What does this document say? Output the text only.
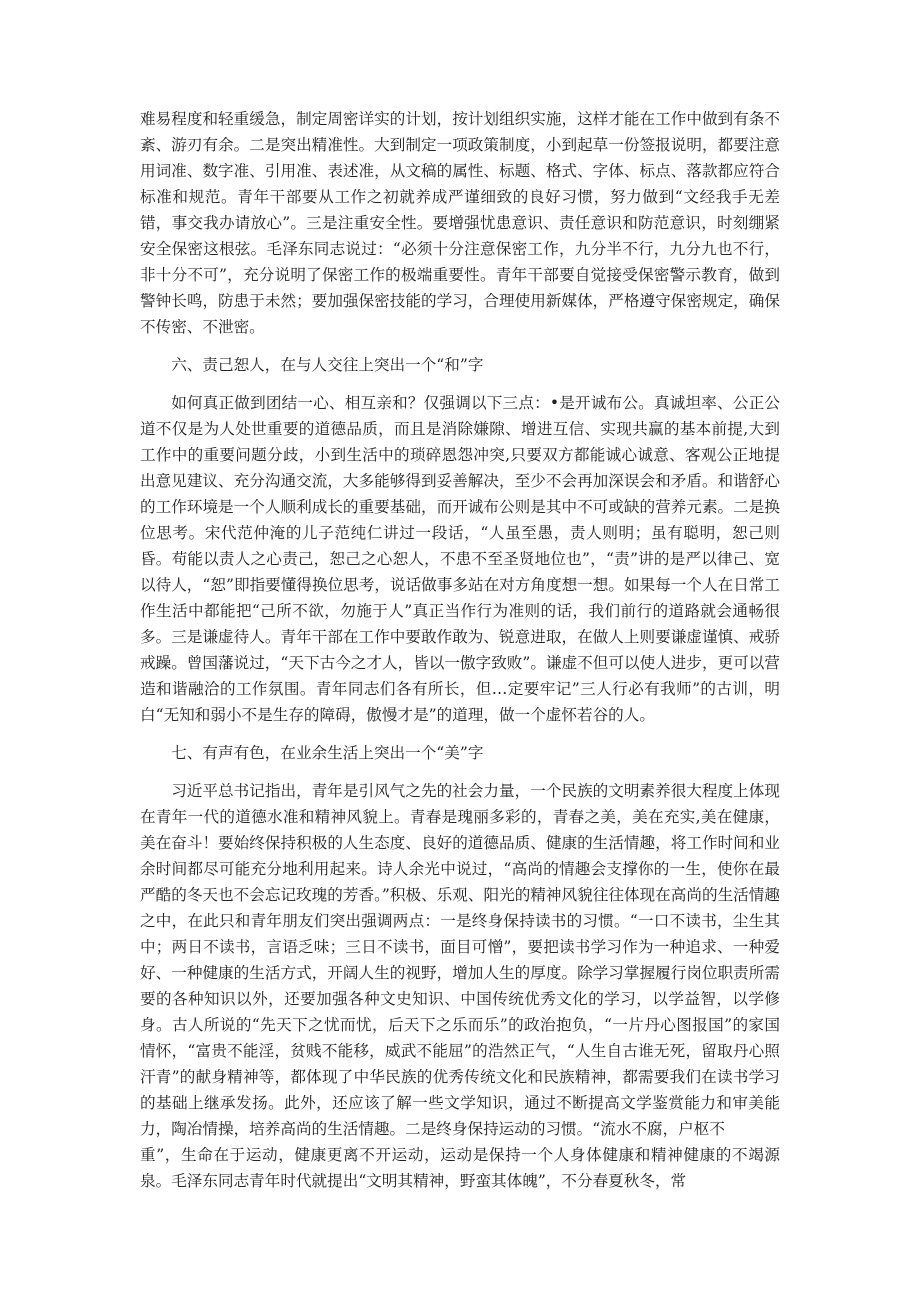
难易程度和轻重缓急，制定周密详实的计划，按计划组织实施，这样才能在工作中做到有条不紊、游刃有余。二是突出精准性。大到制定一项政策制度，小到起草一份签报说明，都要注意用词准、数字准、引用准、表述准，从文稿的属性、标题、格式、字体、标点、落款都应符合标准和规范。青年干部要从工作之初就养成严谨细致的良好习惯，努力做到“文经我手无差错，事交我办请放心”。三是注重安全性。要增强忧患意识、责任意识和防范意识，时刻绷紧安全保密这根弦。毛泽东同志说过：“必须十分注意保密工作，九分半不行，九分九也不行，非十分不可”，充分说明了保密工作的极端重要性。青年干部要自觉接受保密警示教育，做到警钟长鸣，防患于未然；要加强保密技能的学习，合理使用新媒体，严格遵守保密规定，确保不传密、不泄密。

六、责己恕人，在与人交往上突出一个“和”字

如何真正做到团结一心、相互亲和？仅强调以下三点：•是开诚布公。真诚坦率、公正公道不仅是为人处世重要的道德品质，而且是消除嫌隙、增进互信、实现共赢的基本前提,大到工作中的重要问题分歧，小到生活中的琐碎恩怨冲突,只要双方都能诚心诚意、客观公正地提出意见建议、充分沟通交流，大多能够得到妥善解决，至少不会再加深误会和矛盾。和谐舒心的工作环境是一个人顺利成长的重要基础，而开诚布公则是其中不可或缺的营养元素。二是换位思考。宋代范仲淹的儿子范纯仁讲过一段话，“人虽至愚，责人则明；虽有聪明，恕己则昏。苟能以责人之心责己，恕己之心恕人，不患不至圣贤地位也”，“责”讲的是严以律己、宽以待人，“恕”即指要懂得换位思考，说话做事多站在对方角度想一想。如果每一个人在日常工作生活中都能把“己所不欲，勿施于人”真正当作行为准则的话，我们前行的道路就会通畅很多。三是谦虚待人。青年干部在工作中要敢作敢为、锐意进取，在做人上则要谦虚谨慎、戒骄戒躁。曾国藩说过，“天下古今之才人，皆以一傲字致败”。谦虚不但可以使人进步，更可以营造和谐融洽的工作氛围。青年同志们各有所长，但…定要牢记”三人行必有我师”的古训，明白“无知和弱小不是生存的障碍，傲慢才是”的道理，做一个虚怀若谷的人。

七、有声有色，在业余生活上突出一个“美”字

习近平总书记指出，青年是引风气之先的社会力量，一个民族的文明素养很大程度上体现在青年一代的道德水准和精神风貌上。青春是瑰丽多彩的，青春之美，美在充实,美在健康，美在奋斗！要始终保持积极的人生态度、良好的道德品质、健康的生活情趣，将工作时间和业余时间都尽可能充分地利用起来。诗人余光中说过，“高尚的情趣会支撑你的一生，使你在最严酷的冬天也不会忘记玫瑰的芳香。”积极、乐观、阳光的精神风貌往往体现在高尚的生活情趣之中，在此只和青年朋友们突出强调两点：一是终身保持读书的习惯。“一口不读书，尘生其中；两日不读书，言语乏味；三日不读书，面目可憎”，要把读书学习作为一种追求、一种爱好、一种健康的生活方式，开阔人生的视野，增加人生的厚度。除学习掌握履行岗位职责所需要的各种知识以外，还要加强各种文史知识、中国传统优秀文化的学习，以学益智，以学修身。古人所说的“先天下之忧而忧，后天下之乐而乐”的政治抱负，“一片丹心图报国”的家国情怀，“富贵不能淫，贫贱不能移，威武不能屈”的浩然正气，“人生自古谁无死，留取丹心照汗青”的献身精神等，都体现了中华民族的优秀传统文化和民族精神，都需要我们在读书学习的基础上继承发扬。此外，还应该了解一些文学知识，通过不断提高文学鉴赏能力和审美能力，陶冶情操，培养高尚的生活情趣。二是终身保持运动的习惯。“流水不腐，户枢不

重”，生命在于运动，健康更离不开运动，运动是保持一个人身体健康和精神健康的不竭源泉。毛泽东同志青年时代就提出“文明其精神，野蛮其体魄”，不分春夏秋冬，常
